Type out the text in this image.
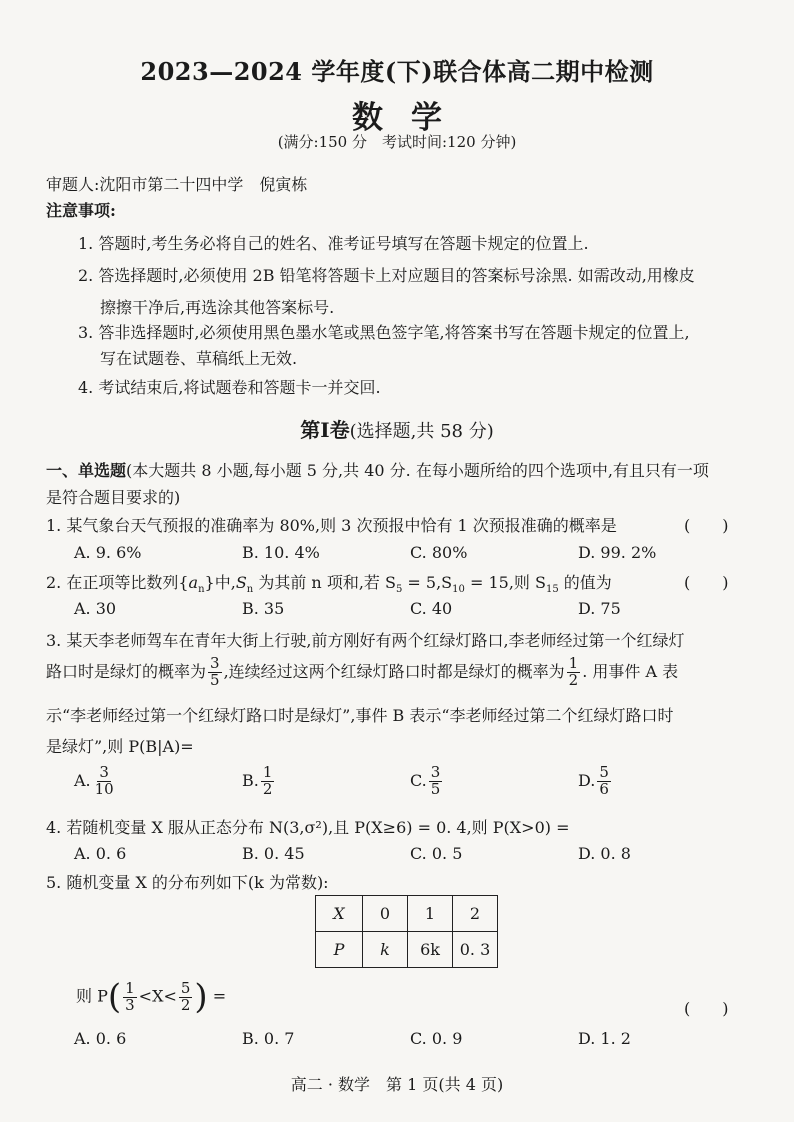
2023—2024 学年度(下)联合体高二期中检测
数学
(满分:150 分　考试时间:120 分钟)
审题人:沈阳市第二十四中学　倪寅栋
注意事项:
1. 答题时,考生务必将自己的姓名、准考证号填写在答题卡规定的位置上.
2. 答选择题时,必须使用 2B 铅笔将答题卡上对应题目的答案标号涂黑. 如需改动,用橡皮
擦擦干净后,再选涂其他答案标号.
3. 答非选择题时,必须使用黑色墨水笔或黑色签字笔,将答案书写在答题卡规定的位置上,
写在试题卷、草稿纸上无效.
4. 考试结束后,将试题卷和答题卡一并交回.
第Ⅰ卷(选择题,共 58 分)
一、单选题(本大题共 8 小题,每小题 5 分,共 40 分. 在每小题所给的四个选项中,有且只有一项
是符合题目要求的)
1. 某气象台天气预报的准确率为 80%,则 3 次预报中恰有 1 次预报准确的概率是	(　　)
A. 9. 6%	B. 10. 4%	C. 80%	D. 99. 2%
2. 在正项等比数列$\{a_n\}$中$,S_n$ 为其前 n 项和,若 $S_5 = 5,S_{10} = 15$,则 $S_{15}$ 的值为	(　　)
A. 30	B. 35	C. 40	D. 75
3. 某天李老师驾车在青年大街上行驶,前方刚好有两个红绿灯路口,李老师经过第一个红绿灯
路口时是绿灯的概率为 $\frac{3}{5}$ ,连续经过这两个红绿灯路口时都是绿灯的概率为 $\frac{1}{2}$ . 用事件 A 表
示“李老师经过第一个红绿灯路口时是绿灯”,事件 B 表示“李老师经过第二个红绿灯路口时
是绿灯”,则 P(B|A)=
A. $\frac{3}{10}$	B. $\frac{1}{2}$	C. $\frac{3}{5}$	D. $\frac{5}{6}$
4. 若随机变量 X 服从正态分布 N(3,σ²),且 P(X≥6) = 0. 4,则 P(X>0) =
A. 0. 6	B. 0. 45	C. 0. 5	D. 0. 8
5. 随机变量 X 的分布列如下(k 为常数):
X	0	1	2
P	k	6k	0. 3
则 $P( \frac{1}{3} <X< \frac{5}{2}$ ) =
(　　)
A. 0. 6	B. 0. 7	C. 0. 9	D. 1. 2
高二 · 数学　第 1 页(共 4 页)
